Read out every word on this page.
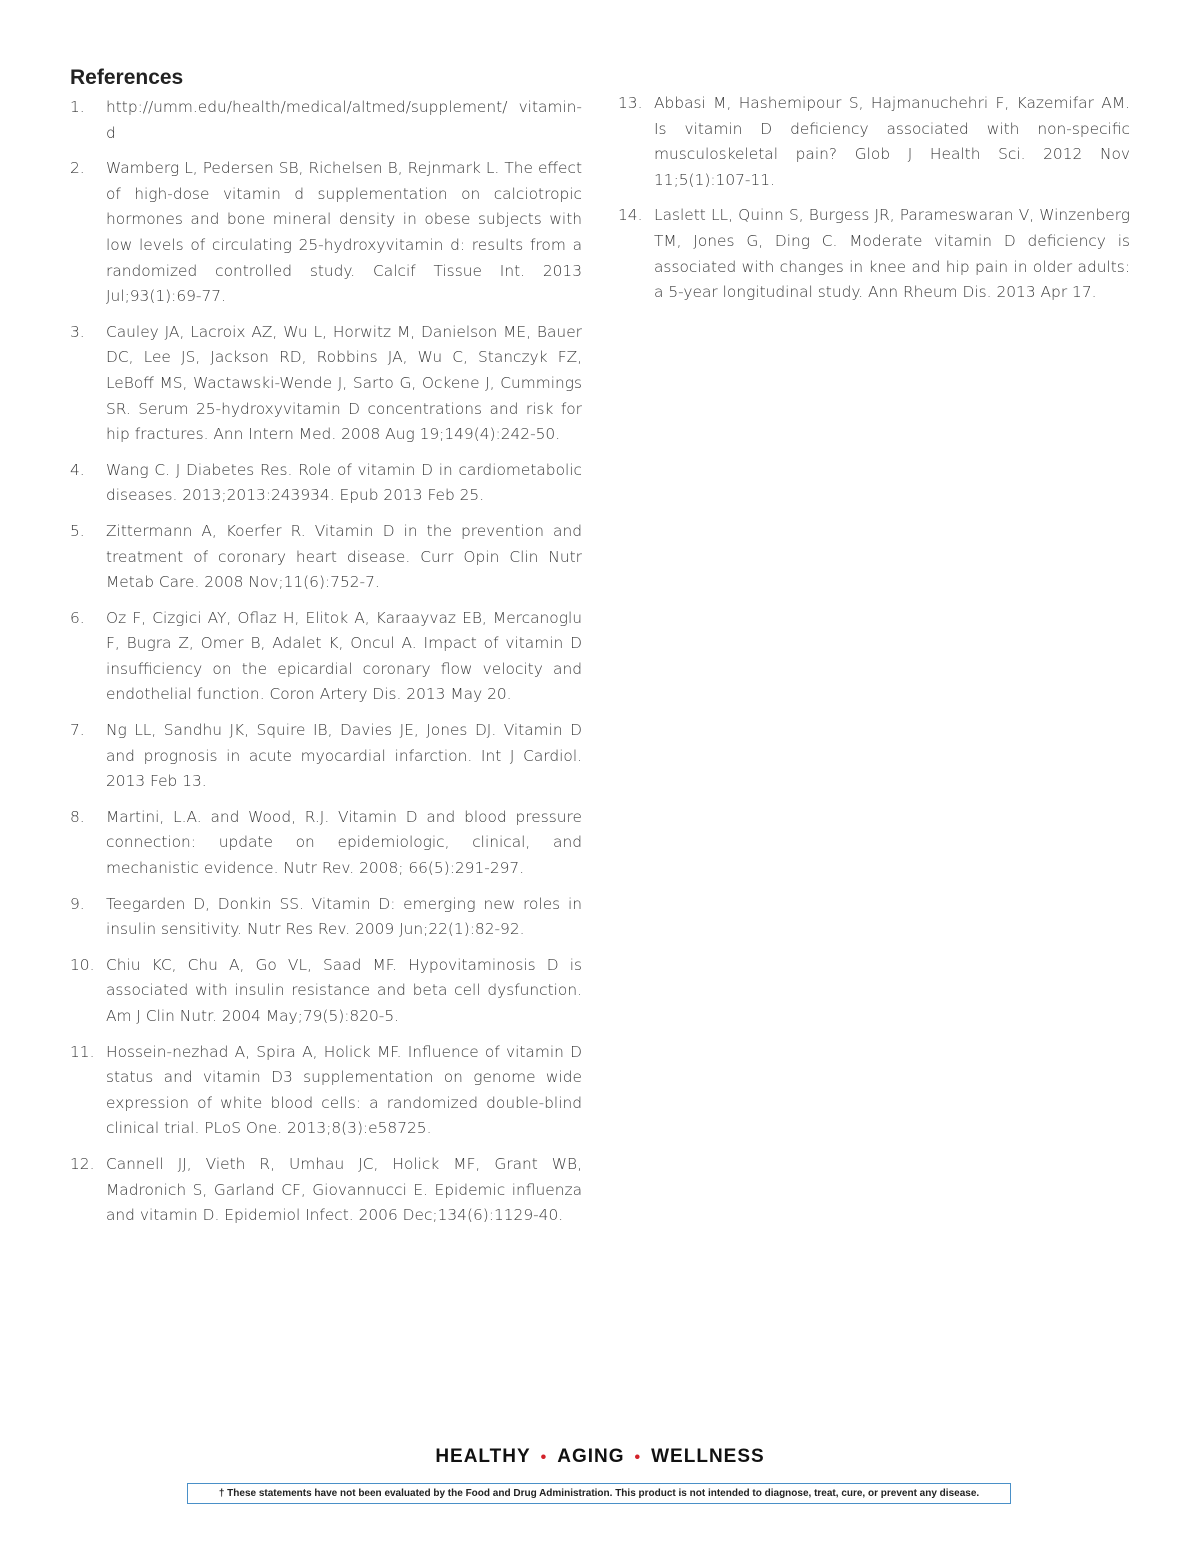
References
1. http://umm.edu/health/medical/altmed/supplement/ vitamin-d
2. Wamberg L, Pedersen SB, Richelsen B, Rejnmark L. The effect of high-dose vitamin d supplementation on calciotropic hormones and bone mineral density in obese subjects with low levels of circulating 25-hydroxyvitamin d: results from a randomized controlled study. Calcif Tissue Int. 2013 Jul;93(1):69-77.
3. Cauley JA, Lacroix AZ, Wu L, Horwitz M, Danielson ME, Bauer DC, Lee JS, Jackson RD, Robbins JA, Wu C, Stanczyk FZ, LeBoff MS, Wactawski-Wende J, Sarto G, Ockene J, Cummings SR. Serum 25-hydroxyvitamin D concentrations and risk for hip fractures. Ann Intern Med. 2008 Aug 19;149(4):242-50.
4. Wang C. J Diabetes Res. Role of vitamin D in cardiometabolic diseases. 2013;2013:243934. Epub 2013 Feb 25.
5. Zittermann A, Koerfer R. Vitamin D in the prevention and treatment of coronary heart disease. Curr Opin Clin Nutr Metab Care. 2008 Nov;11(6):752-7.
6. Oz F, Cizgici AY, Oflaz H, Elitok A, Karaayvaz EB, Mercanoglu F, Bugra Z, Omer B, Adalet K, Oncul A. Impact of vitamin D insufficiency on the epicardial coronary flow velocity and endothelial function. Coron Artery Dis. 2013 May 20.
7. Ng LL, Sandhu JK, Squire IB, Davies JE, Jones DJ. Vitamin D and prognosis in acute myocardial infarction. Int J Cardiol. 2013 Feb 13.
8. Martini, L.A. and Wood, R.J. Vitamin D and blood pressure connection: update on epidemiologic, clinical, and mechanistic evidence. Nutr Rev. 2008; 66(5):291-297.
9. Teegarden D, Donkin SS. Vitamin D: emerging new roles in insulin sensitivity. Nutr Res Rev. 2009 Jun;22(1):82-92.
10. Chiu KC, Chu A, Go VL, Saad MF. Hypovitaminosis D is associated with insulin resistance and beta cell dysfunction. Am J Clin Nutr. 2004 May;79(5):820-5.
11. Hossein-nezhad A, Spira A, Holick MF. Influence of vitamin D status and vitamin D3 supplementation on genome wide expression of white blood cells: a randomized double-blind clinical trial. PLoS One. 2013;8(3):e58725.
12. Cannell JJ, Vieth R, Umhau JC, Holick MF, Grant WB, Madronich S, Garland CF, Giovannucci E. Epidemic influenza and vitamin D. Epidemiol Infect. 2006 Dec;134(6):1129-40.
13. Abbasi M, Hashemipour S, Hajmanuchehri F, Kazemifar AM. Is vitamin D deficiency associated with non-specific musculoskeletal pain? Glob J Health Sci. 2012 Nov 11;5(1):107-11.
14. Laslett LL, Quinn S, Burgess JR, Parameswaran V, Winzenberg TM, Jones G, Ding C. Moderate vitamin D deficiency is associated with changes in knee and hip pain in older adults: a 5-year longitudinal study. Ann Rheum Dis. 2013 Apr 17.
HEALTHY • AGING • WELLNESS
† These statements have not been evaluated by the Food and Drug Administration. This product is not intended to diagnose, treat, cure, or prevent any disease.
